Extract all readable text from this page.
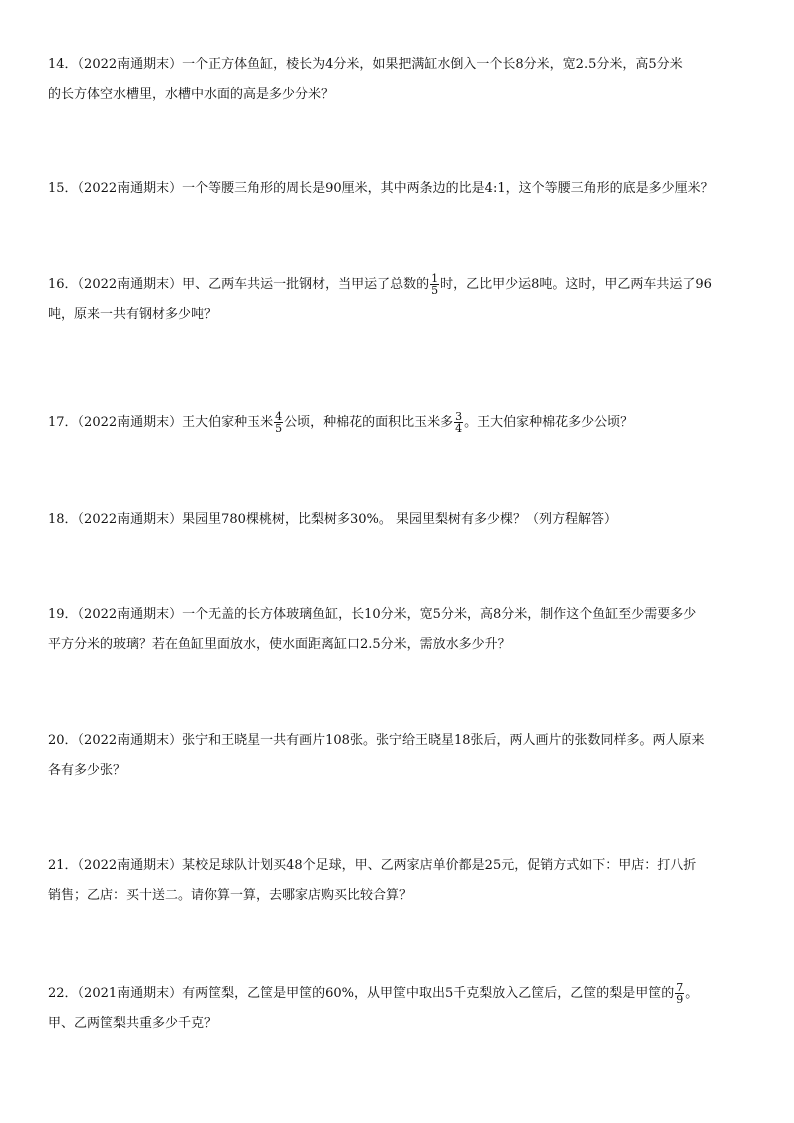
14．（2022南通期末）一个正方体鱼缸，棱长为4分米，如果把满缸水倒入一个长8分米，宽2.5分米，高5分米
的长方体空水槽里，水槽中水面的高是多少分米？
15．（2022南通期末）一个等腰三角形的周长是90厘米，其中两条边的比是4:1，这个等腰三角形的底是多少厘米？
16．（2022南通期末）甲、乙两车共运一批钢材，当甲运了总数的 $\frac{1}{5}$ 时，乙比甲少运8吨。这时，甲乙两车共运了96
吨，原来一共有钢材多少吨？
17．（2022南通期末）王大伯家种玉米 $\frac{4}{5}$ 公顷，种棉花的面积比玉米多 $\frac{3}{4}$ 。王大伯家种棉花多少公顷？
18．（2022南通期末）果园里780棵桃树，比梨树多30%。 果园里梨树有多少棵？（列方程解答）
19．（2022南通期末）一个无盖的长方体玻璃鱼缸，长10分米，宽5分米，高8分米，制作这个鱼缸至少需要多少
平方分米的玻璃？若在鱼缸里面放水，使水面距离缸口2.5分米，需放水多少升？
20．（2022南通期末）张宁和王晓星一共有画片108张。张宁给王晓星18张后，两人画片的张数同样多。两人原来
各有多少张？
21．（2022南通期末）某校足球队计划买48个足球，甲、乙两家店单价都是25元，促销方式如下：甲店：打八折
销售；乙店：买十送二。请你算一算，去哪家店购买比较合算？
22．（2021南通期末）有两筐梨，乙筐是甲筐的60%，从甲筐中取出5千克梨放入乙筐后，乙筐的梨是甲筐的 $\frac{7}{9}$ 。
甲、乙两筐梨共重多少千克？
